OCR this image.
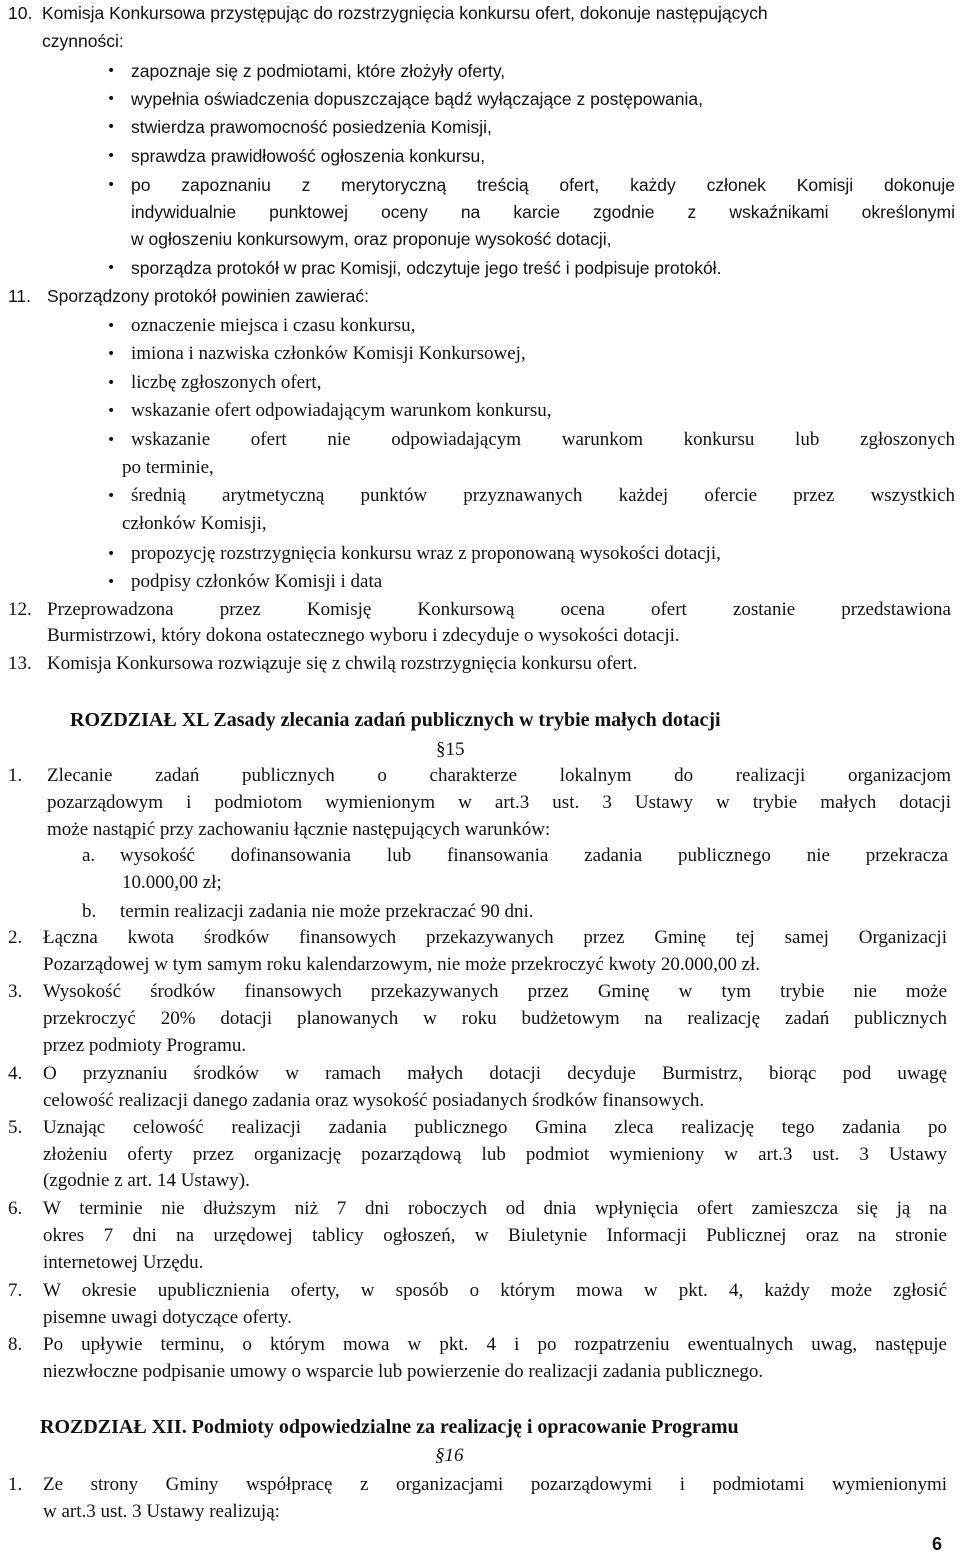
10. Komisja Konkursowa przystępując do rozstrzygnięcia konkursu ofert, dokonuje następujących
czynności:
• zapoznaje się z podmiotami, które złożyły oferty,
• wypełnia oświadczenia dopuszczające bądź wyłączające z postępowania,
• stwierdza prawomocność posiedzenia Komisji,
• sprawdza prawidłowość ogłoszenia konkursu,
• po zapoznaniu z merytoryczną treścią ofert, każdy członek Komisji dokonuje
indywidualnie punktowej oceny na karcie zgodnie z wskaźnikami określonymi
w ogłoszeniu konkursowym, oraz proponuje wysokość dotacji,
• sporządza protokół w prac Komisji, odczytuje jego treść i podpisuje protokół.
11. Sporządzony protokół powinien zawierać:
• oznaczenie miejsca i czasu konkursu,
• imiona i nazwiska członków Komisji Konkursowej,
• liczbę zgłoszonych ofert,
• wskazanie ofert odpowiadającym warunkom konkursu,
• wskazanie ofert nie odpowiadającym warunkom konkursu lub zgłoszonych
po terminie,
• średnią arytmetyczną punktów przyznawanych każdej ofercie przez wszystkich
członków Komisji,
• propozycję rozstrzygnięcia konkursu wraz z proponowaną wysokości dotacji,
• podpisy członków Komisji i data
12. Przeprowadzona przez Komisję Konkursową ocena ofert zostanie przedstawiona
Burmistrzowi, który dokona ostatecznego wyboru i zdecyduje o wysokości dotacji.
13. Komisja Konkursowa rozwiązuje się z chwilą rozstrzygnięcia konkursu ofert.
ROZDZIAŁ XL Zasady zlecania zadań publicznych w trybie małych dotacji
§15
1. Zlecanie zadań publicznych o charakterze lokalnym do realizacji organizacjom
pozarządowym i podmiotom wymienionym w art.3 ust. 3 Ustawy w trybie małych dotacji
może nastąpić przy zachowaniu łącznie następujących warunków:
a. wysokość dofinansowania lub finansowania zadania publicznego nie przekracza
10.000,00 zł;
b. termin realizacji zadania nie może przekraczać 90 dni.
2. Łączna kwota środków finansowych przekazywanych przez Gminę tej samej Organizacji
Pozarządowej w tym samym roku kalendarzowym, nie może przekroczyć kwoty 20.000,00 zł.
3. Wysokość środków finansowych przekazywanych przez Gminę w tym trybie nie może
przekroczyć 20% dotacji planowanych w roku budżetowym na realizację zadań publicznych
przez podmioty Programu.
4. O przyznaniu środków w ramach małych dotacji decyduje Burmistrz, biorąc pod uwagę
celowość realizacji danego zadania oraz wysokość posiadanych środków finansowych.
5. Uznając celowość realizacji zadania publicznego Gmina zleca realizację tego zadania po
złożeniu oferty przez organizację pozarządową lub podmiot wymieniony w art.3 ust. 3 Ustawy
(zgodnie z art. 14 Ustawy).
6. W terminie nie dłuższym niż 7 dni roboczych od dnia wpłynięcia ofert zamieszcza się ją na
okres 7 dni na urzędowej tablicy ogłoszeń, w Biuletynie Informacji Publicznej oraz na stronie
internetowej Urzędu.
7. W okresie upublicznienia oferty, w sposób o którym mowa w pkt. 4, każdy może zgłosić
pisemne uwagi dotyczące oferty.
8. Po upływie terminu, o którym mowa w pkt. 4 i po rozpatrzeniu ewentualnych uwag, następuje
niezwłoczne podpisanie umowy o wsparcie lub powierzenie do realizacji zadania publicznego.
ROZDZIAŁ XII. Podmioty odpowiedzialne za realizację i opracowanie Programu
§16
1. Ze strony Gminy współpracę z organizacjami pozarządowymi i podmiotami wymienionymi
w art.3 ust. 3 Ustawy realizują:
6
